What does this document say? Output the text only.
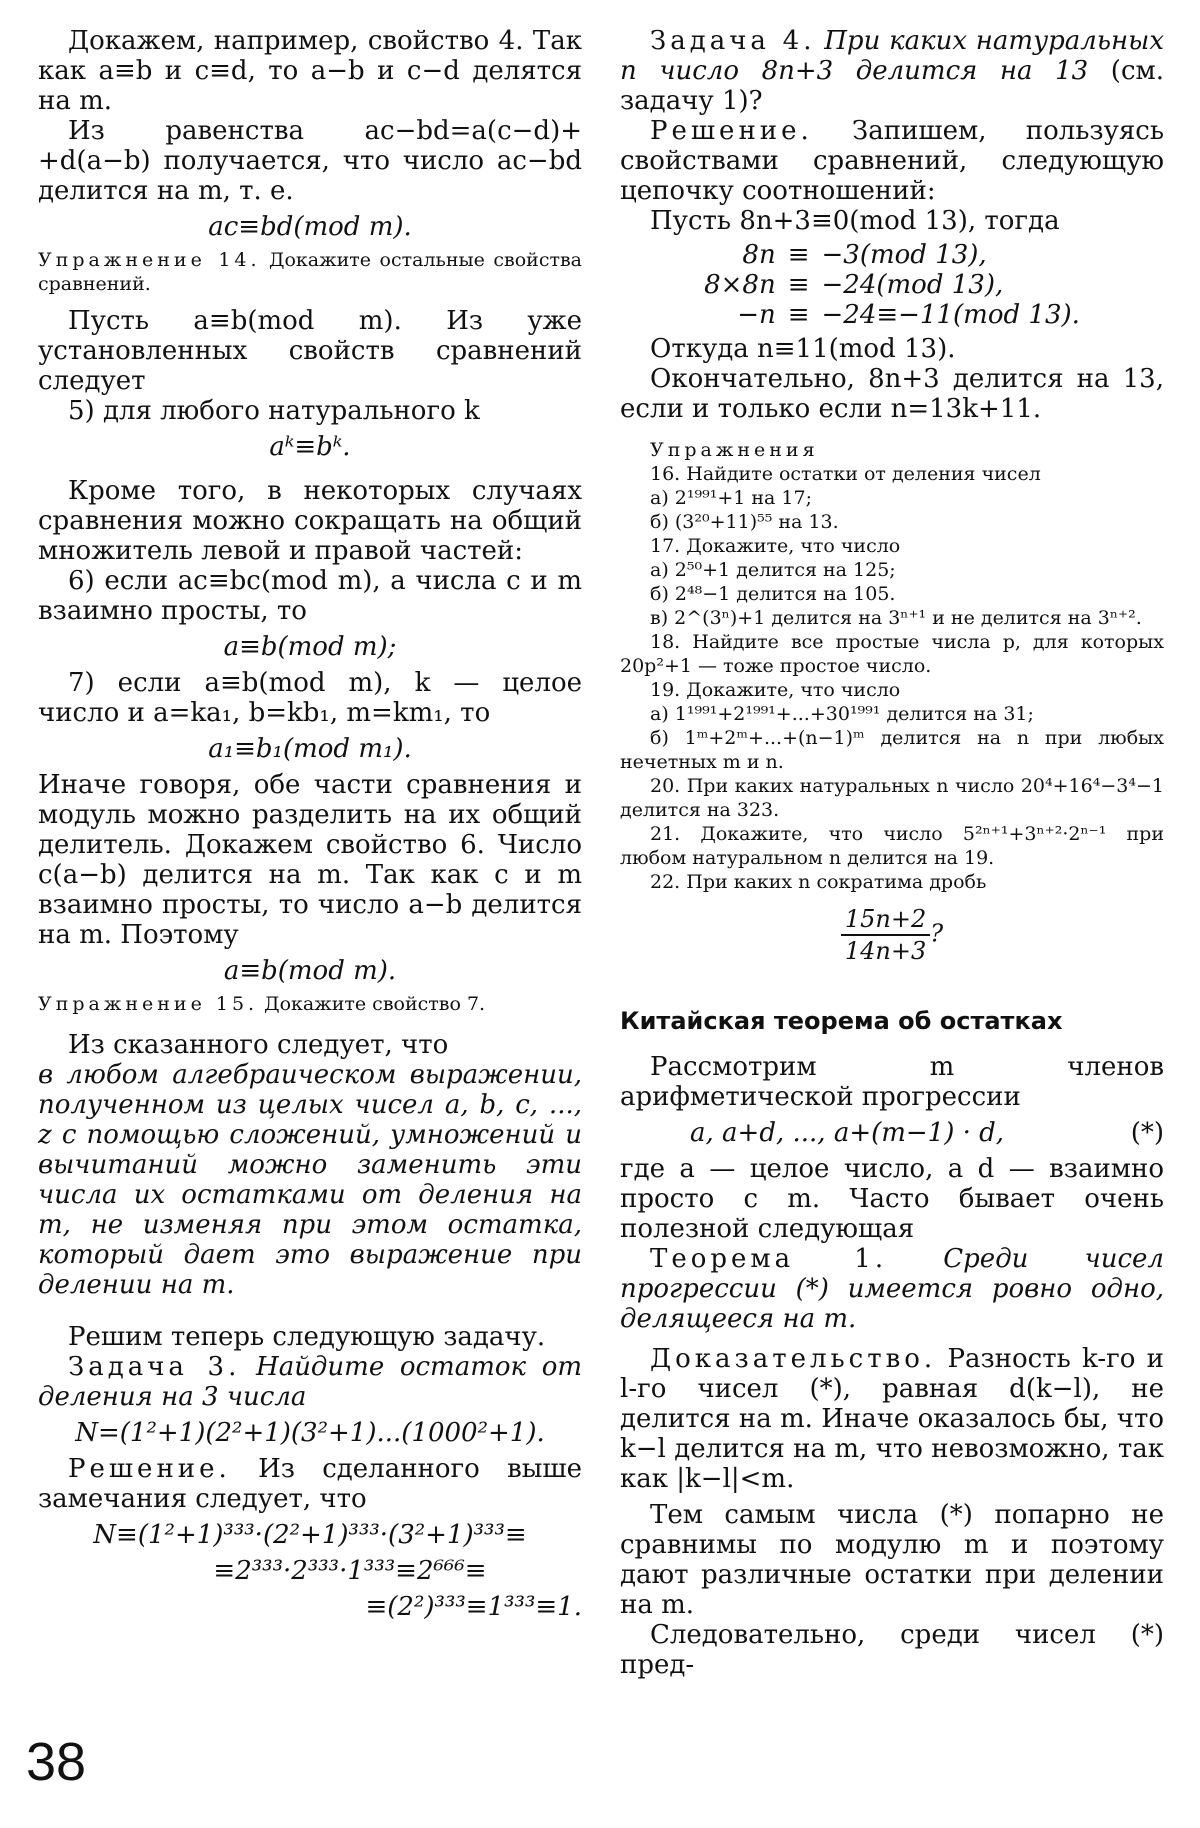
Докажем, например, свойство 4. Так как a≡b и c≡d, то a−b и c−d делятся на m.

Из равенства ac−bd=a(c−d)+ +d(a−b) получается, что число ac−bd делится на m, т. е.

ac≡bd(mod m).

Упражнение 14. Докажите остальные свойства сравнений.

Пусть a≡b(mod m). Из уже установленных свойств сравнений следует

5) для любого натурального k

aᵏ≡bᵏ.

Кроме того, в некоторых случаях сравнения можно сокращать на общий множитель левой и правой частей:

6) если ac≡bc(mod m), а числа c и m взаимно просты, то

a≡b(mod m);

7) если a≡b(mod m), k — целое число и a=ka₁, b=kb₁, m=km₁, то

a₁≡b₁(mod m₁).

Иначе говоря, обе части сравнения и модуль можно разделить на их общий делитель. Докажем свойство 6. Число c(a−b) делится на m. Так как c и m взаимно просты, то число a−b делится на m. Поэтому

a≡b(mod m).

Упражнение 15. Докажите свойство 7.

Из сказанного следует, что

в любом алгебраическом выражении, полученном из целых чисел a, b, c, ..., z с помощью сложений, умножений и вычитаний можно заменить эти числа их остатками от деления на m, не изменяя при этом остатка, который дает это выражение при делении на m.

Решим теперь следующую задачу.

Задача 3. Найдите остаток от деления на 3 числа

N=(1²+1)(2²+1)(3²+1)...(1000²+1).

Решение. Из сделанного выше замечания следует, что

N≡(1²+1)³³³·(2²+1)³³³·(3²+1)³³³≡

≡2³³³·2³³³·1³³³≡2⁶⁶⁶≡

≡(2²)³³³≡1³³³≡1.

Задача 4. При каких натуральных n число 8n+3 делится на 13 (см. задачу 1)?

Решение. Запишем, пользуясь свойствами сравнений, следующую цепочку соотношений:

Пусть 8n+3≡0(mod 13), тогда

8n	≡	−3(mod 13),
8×8n	≡	−24(mod 13),
−n	≡	−24≡−11(mod 13).

Откуда n≡11(mod 13).

Окончательно, 8n+3 делится на 13, если и только если n=13k+11.

Упражнения

16. Найдите остатки от деления чисел

а) 2¹⁹⁹¹+1 на 17;

б) (3²⁰+11)⁵⁵ на 13.

17. Докажите, что число

а) 2⁵⁰+1 делится на 125;

б) 2⁴⁸−1 делится на 105.

в) 2^(3ⁿ)+1 делится на 3ⁿ⁺¹ и не делится на 3ⁿ⁺².

18. Найдите все простые числа p, для которых 20p²+1 — тоже простое число.

19. Докажите, что число

а) 1¹⁹⁹¹+2¹⁹⁹¹+...+30¹⁹⁹¹ делится на 31;

б) 1ᵐ+2ᵐ+...+(n−1)ᵐ делится на n при любых нечетных m и n.

20. При каких натуральных n число 20⁴+16⁴−3⁴−1 делится на 323.

21. Докажите, что число 5²ⁿ⁺¹+3ⁿ⁺²·2ⁿ⁻¹ при любом натуральном n делится на 19.

22. При каких n сократима дробь

$\frac{15n+2}{14n+3}$ ?

Китайская теорема об остатках

Рассмотрим m членов арифметической прогрессии

a, a+d, ..., a+(m−1) · d,	(*)

где a — целое число, а d — взаимно просто с m. Часто бывает очень полезной следующая

Теорема 1. Среди чисел прогрессии (*) имеется ровно одно, делящееся на m.

Доказательство. Разность k-го и l-го чисел (*), равная d(k−l), не делится на m. Иначе оказалось бы, что k−l делится на m, что невозможно, так как |k−l|<m.

Тем самым числа (*) попарно не сравнимы по модулю m и поэтому дают различные остатки при делении на m.

Следовательно, среди чисел (*) пред-

38
